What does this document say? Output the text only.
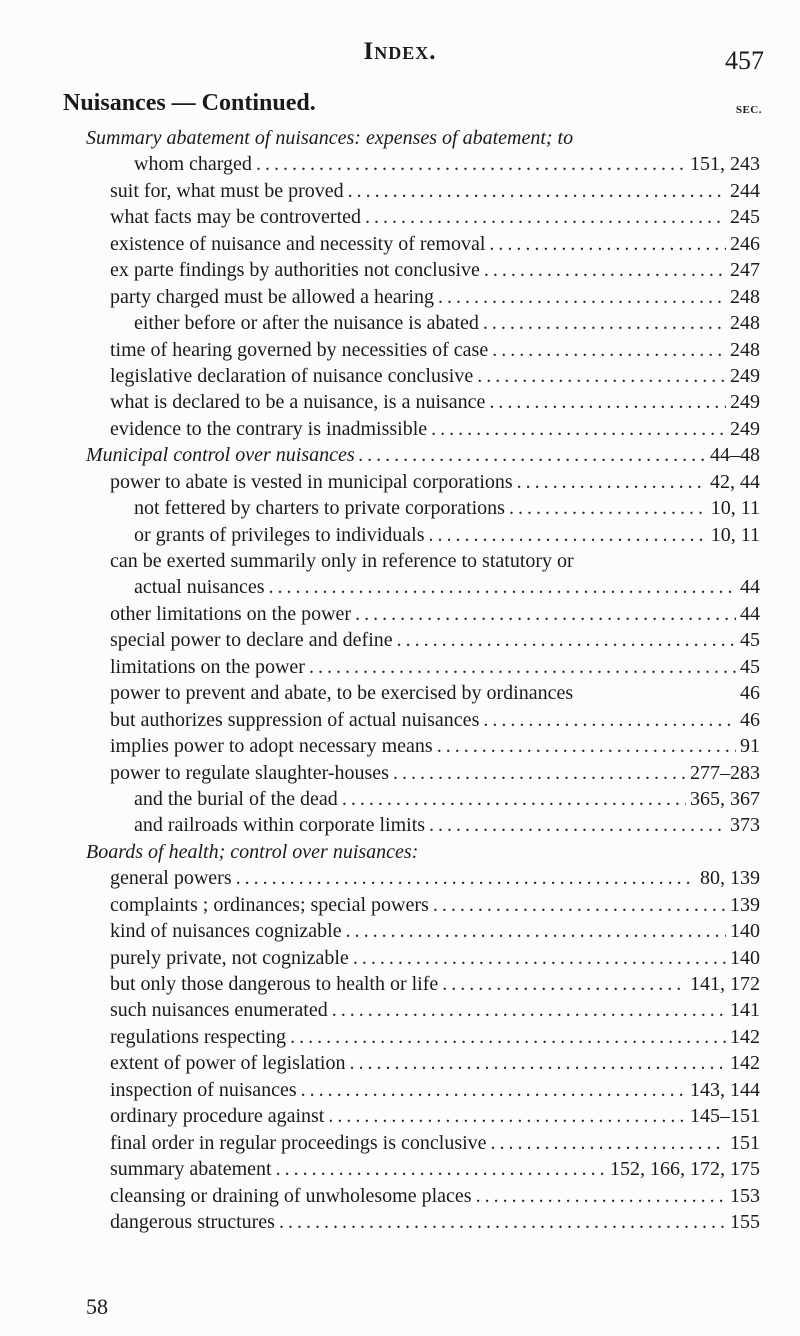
Index.	457
Nuisances — Continued.	SEC.
Summary abatement of nuisances: expenses of abatement; to
whom charged .....	151, 243
suit for, what must be proved .....	244
what facts may be controverted .....	245
existence of nuisance and necessity of removal .....	246
ex parte findings by authorities not conclusive .....	247
party charged must be allowed a hearing .....	248
either before or after the nuisance is abated .....	248
time of hearing governed by necessities of case .....	248
legislative declaration of nuisance conclusive .....	249
what is declared to be a nuisance, is a nuisance .....	249
evidence to the contrary is inadmissible .....	249
Municipal control over nuisances .....	44–48
power to abate is vested in municipal corporations .....	42, 44
not fettered by charters to private corporations .....	10, 11
or grants of privileges to individuals .....	10, 11
can be exerted summarily only in reference to statutory or
actual nuisances .....	44
other limitations on the power .....	44
special power to declare and define .....	45
limitations on the power .....	45
power to prevent and abate, to be exercised by ordinances	46
but authorizes suppression of actual nuisances .....	46
implies power to adopt necessary means .....	91
power to regulate slaughter-houses .....	277–283
and the burial of the dead .....	365, 367
and railroads within corporate limits .....	373
Boards of health; control over nuisances:
general powers .....	80, 139
complaints ; ordinances; special powers .....	139
kind of nuisances cognizable .....	140
purely private, not cognizable .....	140
but only those dangerous to health or life .....	141, 172
such nuisances enumerated .....	141
regulations respecting .....	142
extent of power of legislation .....	142
inspection of nuisances .....	143, 144
ordinary procedure against .....	145–151
final order in regular proceedings is conclusive .....	151
summary abatement .....	152, 166, 172, 175
cleansing or draining of unwholesome places .....	153
dangerous structures .....	155
58
